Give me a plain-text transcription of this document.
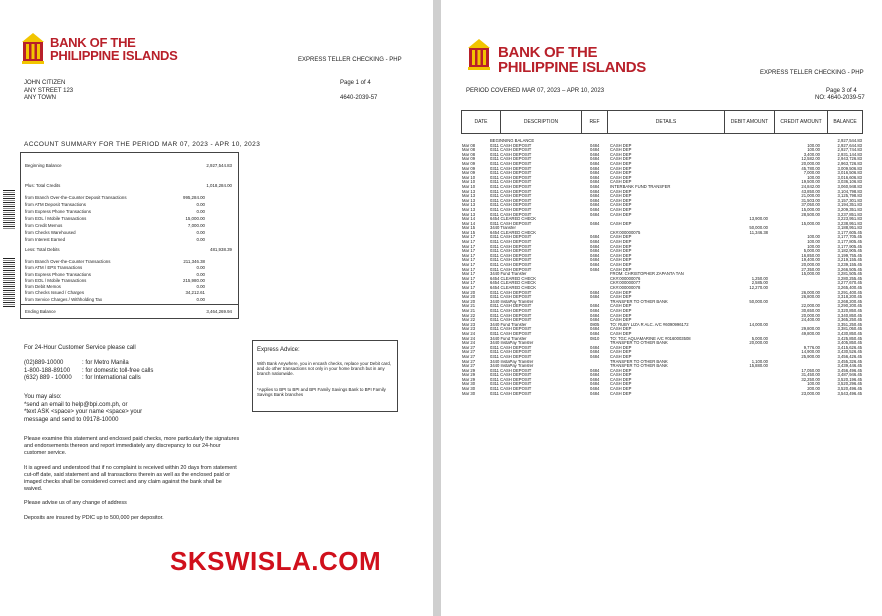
BANK OF THE
PHILIPPINE ISLANDS	EXPRESS TELLER CHECKING - PHP
JOHN CITIZEN
ANY STREET 123
ANY TOWN
Page 1 of 4
4640-2039-57
ACCOUNT SUMMARY FOR THE PERIOD MAR 07, 2023 - APR 10, 2023
Beginning Balance	2,927,544.83
Plus: Total Credits	1,018,284.00
from Branch Over-the-Counter Deposit Transactions	995,284.00
from ATM Deposit Transactions	0.00
from Express Phone Transactions	0.00
from EOL / Mobile Transactions	15,000.00
from Credit Memos	7,000.00
from Checks Warehoused	0.00
from Interest Earned	0.00
Less: Total Debits	481,938.39
from Branch Over-the-Counter Transactions	211,346.38
from ATM / EPS Transactions	0.00
from Express Phone Transactions	0.00
from EOL / Mobile Transactions	215,980.00
from Debit Memos	0.00
from Checks Issued / Charges	34,212.61
from Service Charges / Withholding Tax	0.00
Ending Balance	3,464,269.94
For 24-Hour Customer Service please call
(02)889-10000	: for Metro Manila
1-800-188-89100 : for domestic toll-free calls
(632) 889 - 10000 : for International calls
You may also:
*send an email to help@bpi.com.ph, or
*text ASK <space> your name <space> your
message and send to 09178-10000
Please examine this statement and enclosed paid checks, more particularly the signatures and endorsements thereon and report immediately any discrepancy to our 24-hour customer service.
It is agreed and understood that if no complaint is received within 20 days from statement cut-off date, said statement and all transactions therein as well as the enclosed paid or imaged checks shall be considered correct and any claim against the bank shall be waived.
Please advise us of any change of address
Deposits are insured by PDIC up to 500,000 per depositor.
Express Advice:
With Bank Anywhere, you in encash checks, replace your Debit card, and do other transactions not only in your home branch but in any branch nationwide.
*Applies to BPI to BPI and BPI Family Savings Bank to BPI Family Savings Bank branches
BANK OF THE
PHILIPPINE ISLANDS
PERIOD COVERED MAR 07, 2023 – APR 10, 2023
EXPRESS TELLER CHECKING - PHP
Page 3 of 4
NO: 4640-2039-57
DATE	DESCRIPTION	REF	DETAILS	DEBIT AMOUNT	CREDIT AMOUNT	BALANCE
	BEGINNING BALANCE					2,927,544.83
Mar 08	0311 CASH DEPOSIT	0484	CASH DEP		100.00	2,927,644.83
Mar 08	0311 CASH DEPOSIT	0484	CASH DEP		100.00	2,927,744.83
Mar 08	0311 CASH DEPOSIT	0484	CASH DEP		3,400.00	2,931,144.83
Mar 09	0311 CASH DEPOSIT	0484	CASH DEP		12,582.00	2,943,726.83
Mar 09	0311 CASH DEPOSIT	0484	CASH DEP		20,000.00	2,963,726.83
Mar 09	0311 CASH DEPOSIT	0484	CASH DEP		45,780.00	3,009,506.83
Mar 09	0311 CASH DEPOSIT	0484	CASH DEP		7,000.00	3,016,506.83
Mar 10	0311 CASH DEPOSIT	0484	CASH DEP		100.00	3,016,606.83
Mar 10	0311 CASH DEPOSIT	0484	CASH DEP		19,500.00	3,036,106.83
Mar 10	0311 CASH DEPOSIT	0484	INTERBANK FUND TRANSFER		24,842.00	3,060,948.83
Mar 13	0311 CASH DEPOSIT	0484	CASH DEP		43,850.00	3,104,798.83
Mar 13	0311 CASH DEPOSIT	0484	CASH DEP		21,000.00	3,125,798.83
Mar 13	0311 CASH DEPOSIT	0484	CASH DEP		31,503.00	3,157,301.83
Mar 13	0311 CASH DEPOSIT	0484	CASH DEP		37,050.00	3,194,351.83
Mar 13	0311 CASH DEPOSIT	0484	CASH DEP		15,000.00	3,209,351.83
Mar 13	0311 CASH DEPOSIT	0484	CASH DEP		28,500.00	3,237,851.83
Mar 14	6454 CLEARED CHECK			13,900.00		3,223,951.83
Mar 14	0311 CASH DEPOSIT	0484	CASH DEP		15,000.00	3,238,951.83
Mar 15	3440 Transfer			50,000.00		3,188,951.83
Mar 15	6454 CLEARED CHECK		CK#:000000075	11,346.38		3,177,605.45
Mar 17	0311 CASH DEPOSIT	0484	CASH DEP		100.00	3,177,705.45
Mar 17	0311 CASH DEPOSIT	0484	CASH DEP		100.00	3,177,805.45
Mar 17	0311 CASH DEPOSIT	0484	CASH DEP		100.00	3,177,905.45
Mar 17	0311 CASH DEPOSIT	0484	CASH DEP		5,000.00	3,182,905.45
Mar 17	0311 CASH DEPOSIT	0484	CASH DEP		16,850.00	3,199,755.45
Mar 17	0311 CASH DEPOSIT	0484	CASH DEP		19,400.00	3,219,155.45
Mar 17	0311 CASH DEPOSIT	0484	CASH DEP		20,000.00	3,239,155.45
Mar 17	0311 CASH DEPOSIT	0484	CASH DEP		27,350.00	3,266,505.45
Mar 17	3440 Fund Transfer		FROM: CHRISTOPHER ZAPANTA TAN		15,000.00	3,281,505.45
Mar 17	6454 CLEARED CHECK		CK#:000000076	1,250.00		3,280,255.45
Mar 17	6454 CLEARED CHECK		CK#:000000077	2,585.00		3,277,670.45
Mar 17	6454 CLEARED CHECK		CK#:000000078	12,270.00		3,265,400.45
Mar 20	0311 CASH DEPOSIT	0484	CASH DEP		26,000.00	3,291,400.45
Mar 20	0311 CASH DEPOSIT	0484	CASH DEP		26,800.00	3,318,200.45
Mar 20	3440 InstaPay Transfer		TRANSFER TO OTHER BANK	50,000.00		3,268,200.45
Mar 21	0311 CASH DEPOSIT	0484	CASH DEP		22,000.00	3,290,200.45
Mar 21	0311 CASH DEPOSIT	0484	CASH DEP		30,650.00	3,320,850.45
Mar 22	0311 CASH DEPOSIT	0484	CASH DEP		20,000.00	3,340,850.45
Mar 22	0311 CASH DEPOSIT	0484	CASH DEP		24,400.00	3,365,250.45
Mar 23	3440 Fund Transfer	0805	TO: RUBY LIZA R ALC. A/C #6090996172	14,000.00		3,351,250.45
Mar 23	0311 CASH DEPOSIT	0484	CASH DEP		29,800.00	3,381,050.45
Mar 24	0311 CASH DEPOSIT	0484	CASH DEP		49,800.00	3,430,850.45
Mar 24	3440 Fund Transfer	0810	TO: TGC AQUAMARINE A/C #0160003508	5,000.00		3,425,850.45
Mar 24	3440 InstaPay Transfer		TRANSFER TO OTHER BANK	20,000.00		3,405,850.45
Mar 27	0311 CASH DEPOSIT	0484	CASH DEP		9,776.00	3,415,626.45
Mar 27	0311 CASH DEPOSIT	0484	CASH DEP		14,900.00	3,430,526.45
Mar 27	0311 CASH DEPOSIT	0484	CASH DEP		25,900.00	3,456,426.45
Mar 27	3440 InstaPay Transfer		TRANSFER TO OTHER BANK	1,100.00		3,455,326.45
Mar 27	3440 InstaPay Transfer		TRANSFER TO OTHER BANK	15,880.00		3,439,446.45
Mar 29	0311 CASH DEPOSIT	0484	CASH DEP		17,050.00	3,456,496.45
Mar 29	0311 CASH DEPOSIT	0484	CASH DEP		31,450.00	3,487,946.45
Mar 29	0311 CASH DEPOSIT	0484	CASH DEP		32,250.00	3,520,196.45
Mar 30	0311 CASH DEPOSIT	0484	CASH DEP		100.00	3,520,296.45
Mar 30	0311 CASH DEPOSIT	0484	CASH DEP		200.00	3,520,496.45
Mar 30	0311 CASH DEPOSIT	0484	CASH DEP		23,000.00	3,543,496.45
SKSWISLA.COM
